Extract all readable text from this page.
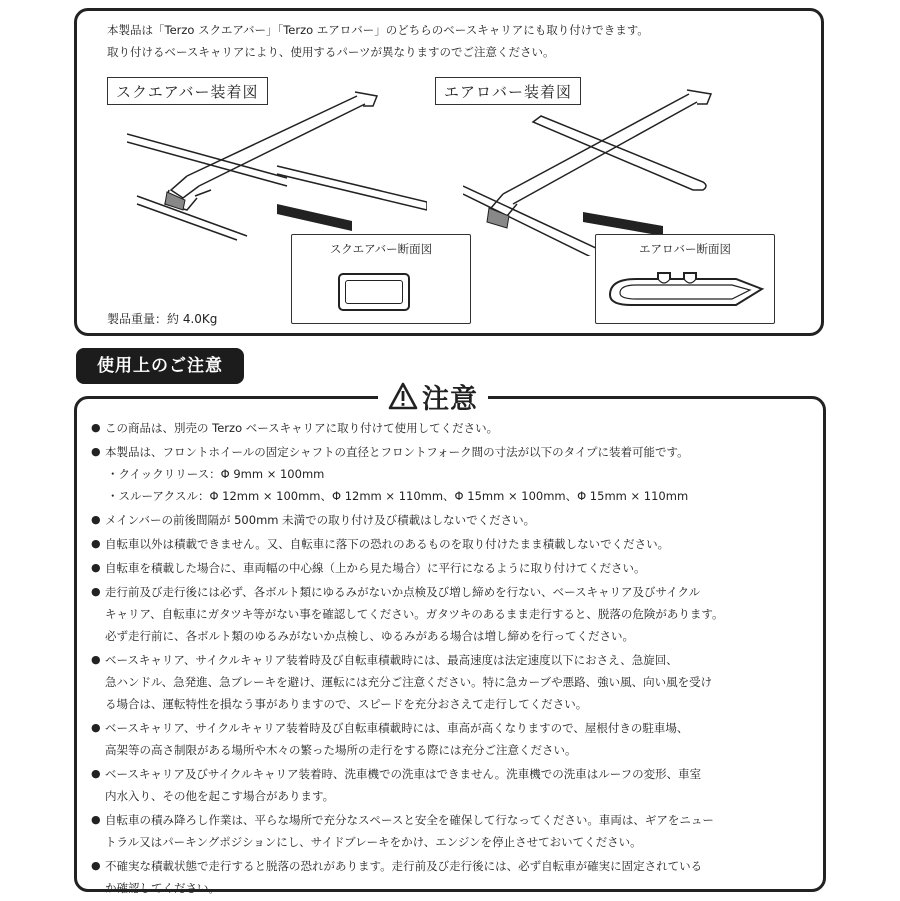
本製品は「Terzo スクエアバー」「Terzo エアロバー」のどちらのベースキャリアにも取り付けできます。
取り付けるベースキャリアにより、使用するパーツが異なりますのでご注意ください。
スクエアバー装着図	エアロバー装着図
スクエアバー断面図	エアロバー断面図
製品重量：約 4.0Kg
使用上のご注意
● この商品は、別売の Terzo ベースキャリアに取り付けて使用してください。
● 本製品は、フロントホイールの固定シャフトの直径とフロントフォーク間の寸法が以下のタイプに装着可能です。
・クイックリリース：Φ 9mm × 100mm
・スルーアクスル：Φ 12mm × 100mm、Φ 12mm × 110mm、Φ 15mm × 100mm、Φ 15mm × 110mm
● メインバーの前後間隔が 500mm 未満での取り付け及び積載はしないでください。
● 自転車以外は積載できません。又、自転車に落下の恐れのあるものを取り付けたまま積載しないでください。
● 自転車を積載した場合に、車両幅の中心線（上から見た場合）に平行になるように取り付けてください。
● 走行前及び走行後には必ず、各ボルト類にゆるみがないか点検及び増し締めを行ない、ベースキャリア及びサイクル
キャリア、自転車にガタツキ等がない事を確認してください。ガタツキのあるまま走行すると、脱落の危険があります。
必ず走行前に、各ボルト類のゆるみがないか点検し、ゆるみがある場合は増し締めを行ってください。
● ベースキャリア、サイクルキャリア装着時及び自転車積載時には、最高速度は法定速度以下におさえ、急旋回、
急ハンドル、急発進、急ブレーキを避け、運転には充分ご注意ください。特に急カーブや悪路、強い風、向い風を受け
る場合は、運転特性を損なう事がありますので、スピードを充分おさえて走行してください。
● ベースキャリア、サイクルキャリア装着時及び自転車積載時には、車高が高くなりますので、屋根付きの駐車場、
高架等の高さ制限がある場所や木々の繁った場所の走行をする際には充分ご注意ください。
● ベースキャリア及びサイクルキャリア装着時、洗車機での洗車はできません。洗車機での洗車はルーフの変形、車室
内水入り、その他を起こす場合があります。
● 自転車の積み降ろし作業は、平らな場所で充分なスペースと安全を確保して行なってください。車両は、ギアをニュー
トラル又はパーキングポジションにし、サイドブレーキをかけ、エンジンを停止させておいてください。
● 不確実な積載状態で走行すると脱落の恐れがあります。走行前及び走行後には、必ず自転車が確実に固定されている
か確認してください。
注意
